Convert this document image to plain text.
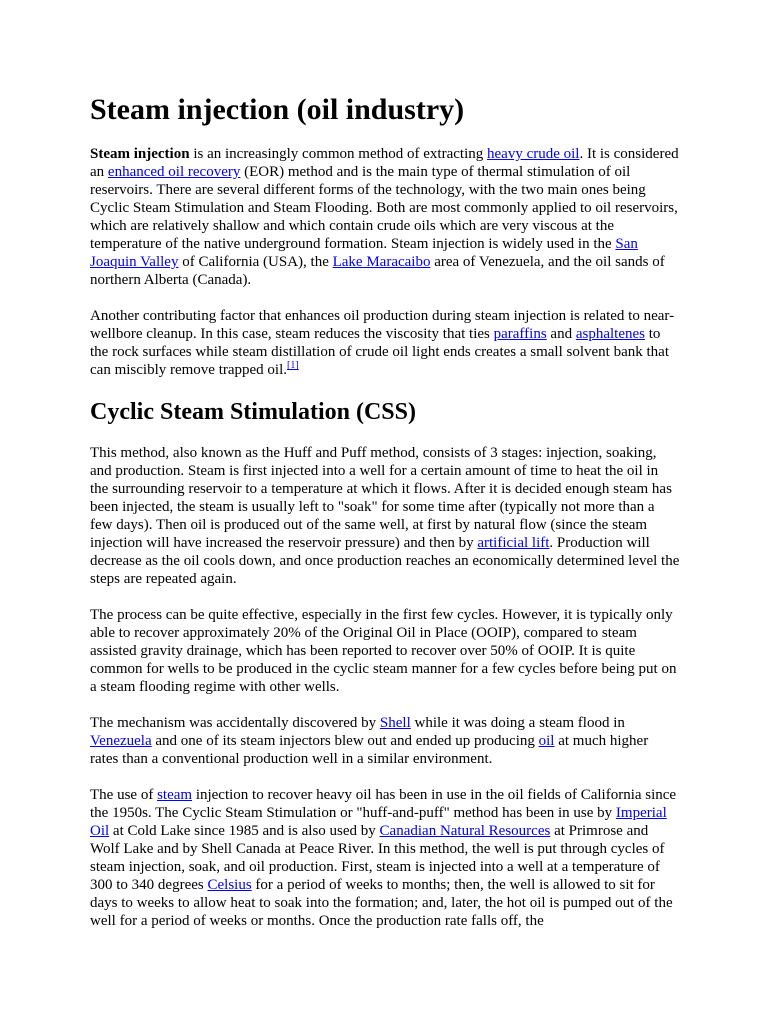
Steam injection (oil industry)

Steam injection is an increasingly common method of extracting heavy crude oil. It is considered an enhanced oil recovery (EOR) method and is the main type of thermal stimulation of oil reservoirs. There are several different forms of the technology, with the two main ones being Cyclic Steam Stimulation and Steam Flooding. Both are most commonly applied to oil reservoirs, which are relatively shallow and which contain crude oils which are very viscous at the temperature of the native underground formation. Steam injection is widely used in the San Joaquin Valley of California (USA), the Lake Maracaibo area of Venezuela, and the oil sands of northern Alberta (Canada).

Another contributing factor that enhances oil production during steam injection is related to near-wellbore cleanup. In this case, steam reduces the viscosity that ties paraffins and asphaltenes to the rock surfaces while steam distillation of crude oil light ends creates a small solvent bank that can miscibly remove trapped oil.[1]

Cyclic Steam Stimulation (CSS)

This method, also known as the Huff and Puff method, consists of 3 stages: injection, soaking, and production. Steam is first injected into a well for a certain amount of time to heat the oil in the surrounding reservoir to a temperature at which it flows. After it is decided enough steam has been injected, the steam is usually left to "soak" for some time after (typically not more than a few days). Then oil is produced out of the same well, at first by natural flow (since the steam injection will have increased the reservoir pressure) and then by artificial lift. Production will decrease as the oil cools down, and once production reaches an economically determined level the steps are repeated again.

The process can be quite effective, especially in the first few cycles. However, it is typically only able to recover approximately 20% of the Original Oil in Place (OOIP), compared to steam assisted gravity drainage, which has been reported to recover over 50% of OOIP. It is quite common for wells to be produced in the cyclic steam manner for a few cycles before being put on a steam flooding regime with other wells.

The mechanism was accidentally discovered by Shell while it was doing a steam flood in Venezuela and one of its steam injectors blew out and ended up producing oil at much higher rates than a conventional production well in a similar environment.

The use of steam injection to recover heavy oil has been in use in the oil fields of California since the 1950s. The Cyclic Steam Stimulation or "huff-and-puff" method has been in use by Imperial Oil at Cold Lake since 1985 and is also used by Canadian Natural Resources at Primrose and Wolf Lake and by Shell Canada at Peace River. In this method, the well is put through cycles of steam injection, soak, and oil production. First, steam is injected into a well at a temperature of 300 to 340 degrees Celsius for a period of weeks to months; then, the well is allowed to sit for days to weeks to allow heat to soak into the formation; and, later, the hot oil is pumped out of the well for a period of weeks or months. Once the production rate falls off, the
